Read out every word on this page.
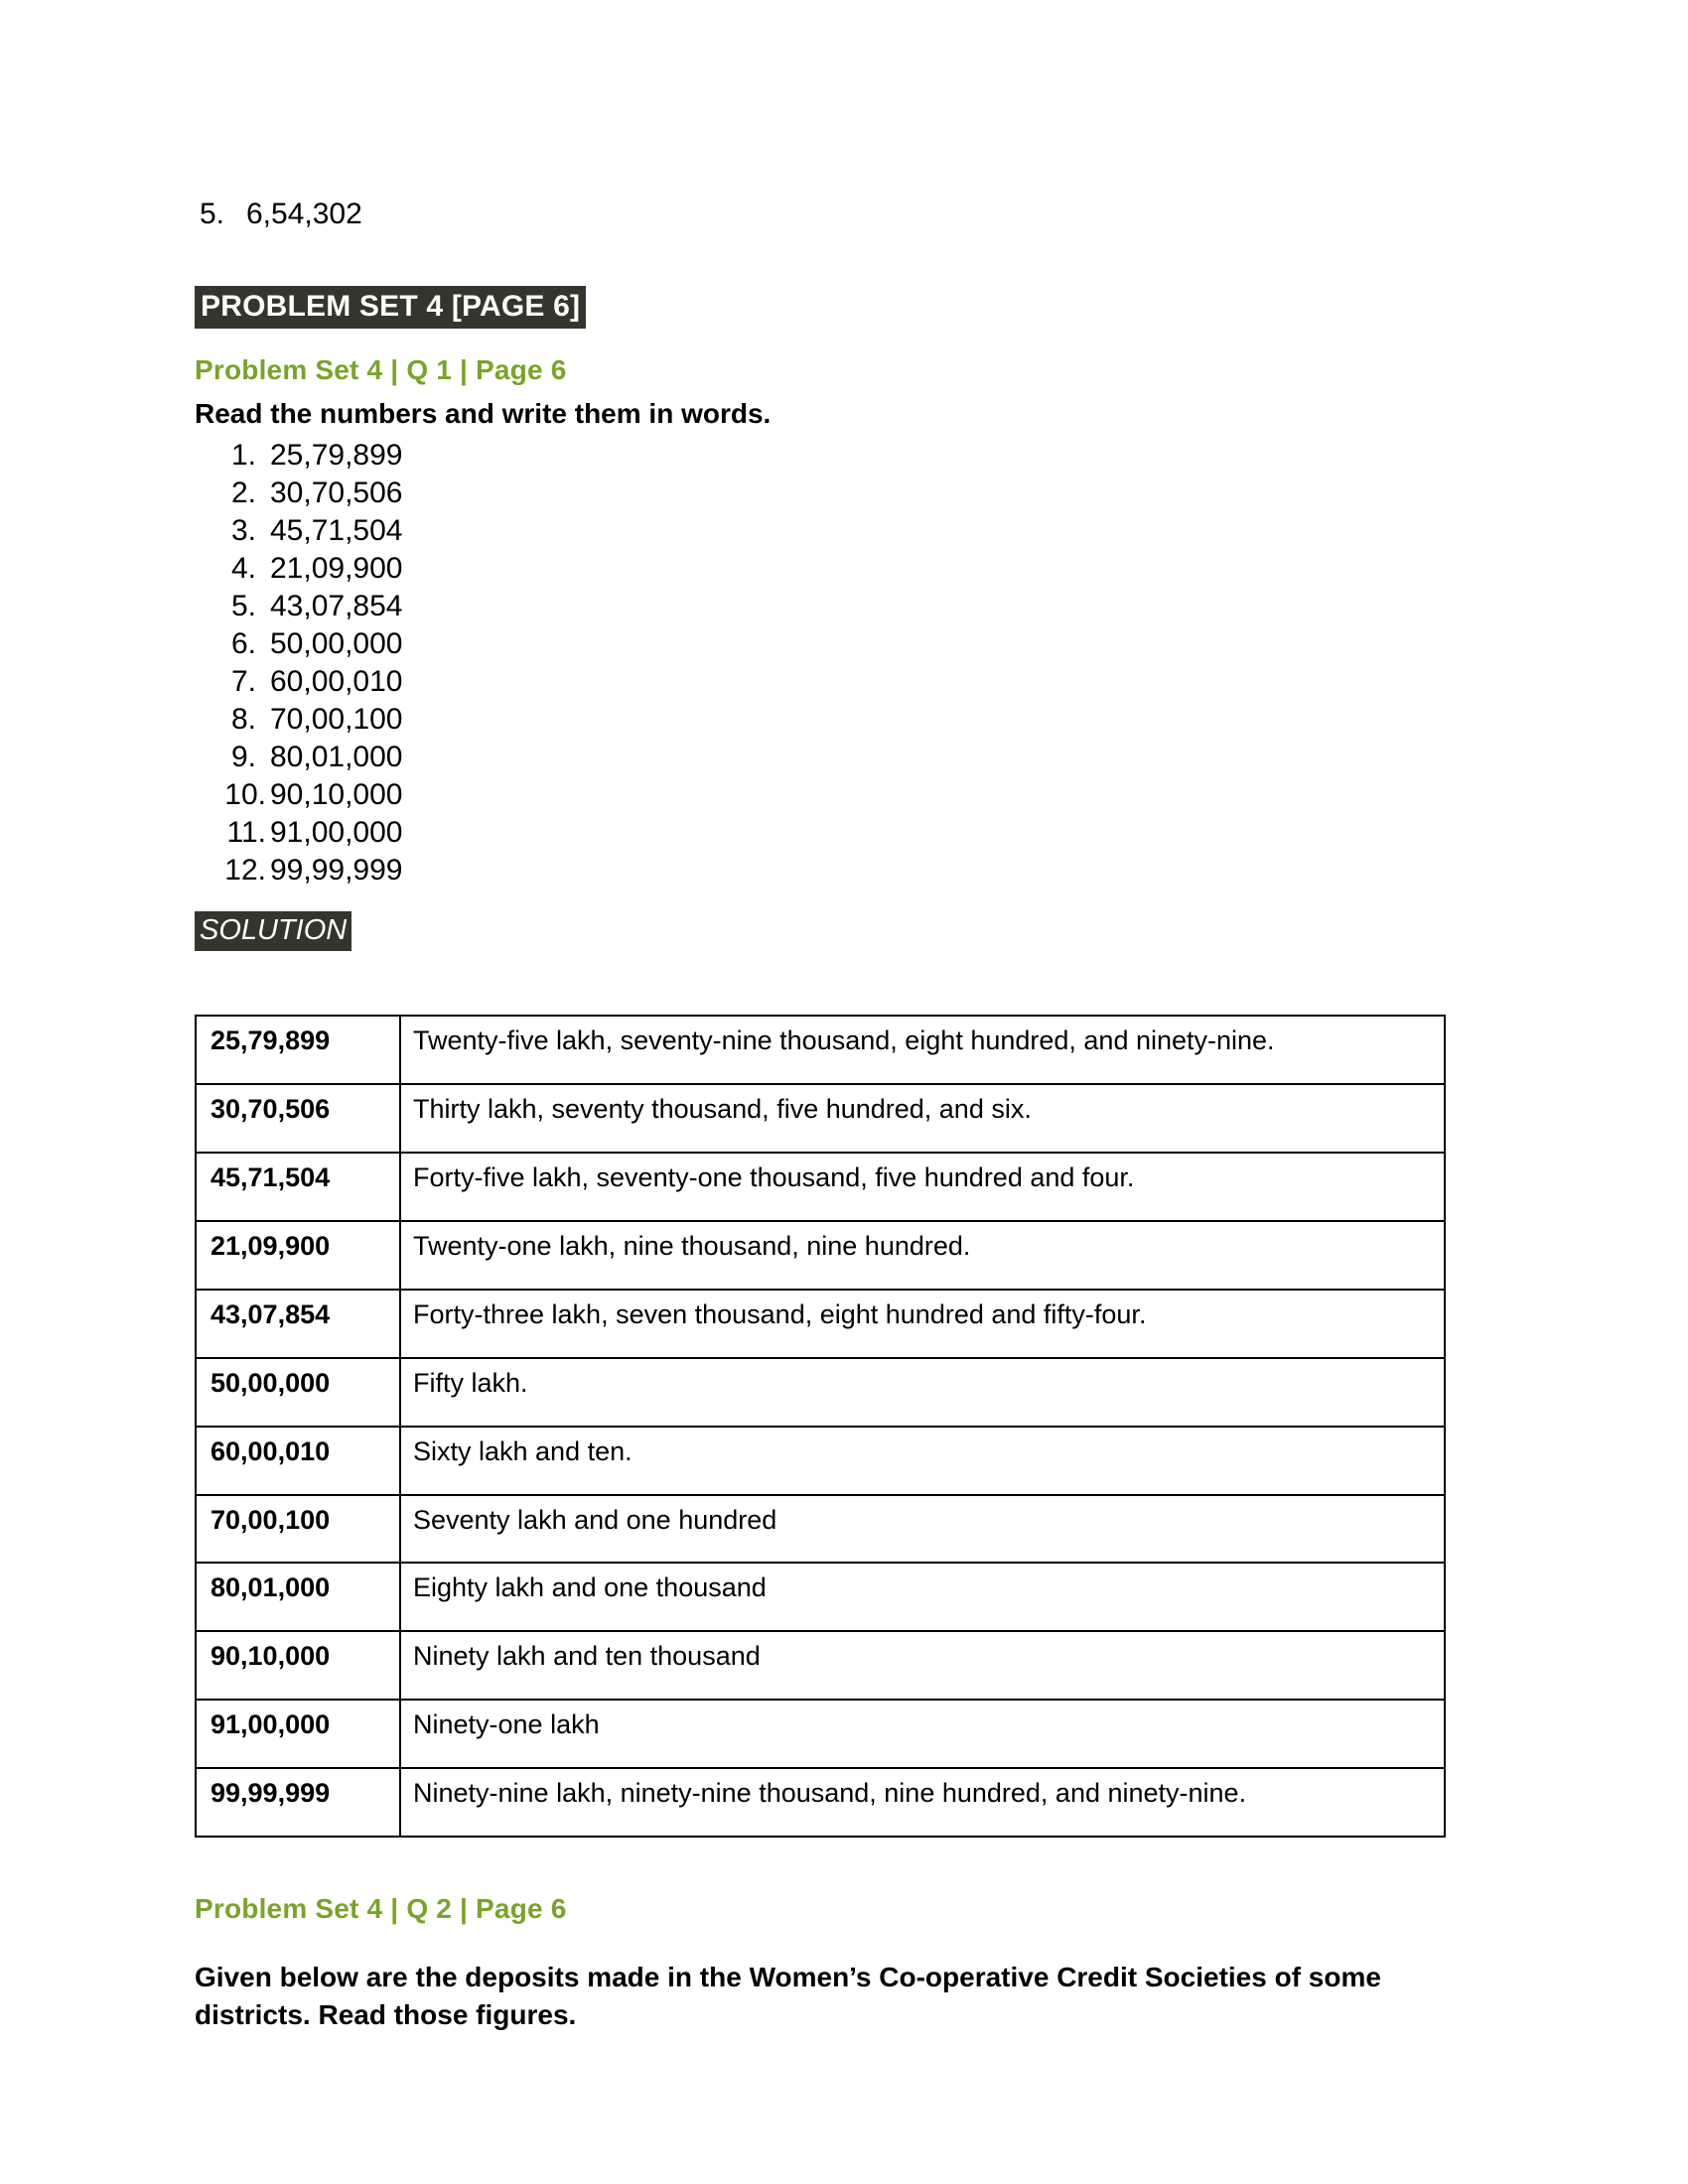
5. 6,54,302
PROBLEM SET 4 [PAGE 6]
Problem Set 4 | Q 1 | Page 6
Read the numbers and write them in words.
1. 25,79,899
2. 30,70,506
3. 45,71,504
4. 21,09,900
5. 43,07,854
6. 50,00,000
7. 60,00,010
8. 70,00,100
9. 80,01,000
10. 90,10,000
11. 91,00,000
12. 99,99,999
SOLUTION
25,79,899	Twenty-five lakh, seventy-nine thousand, eight hundred, and ninety-nine.
30,70,506	Thirty lakh, seventy thousand, five hundred, and six.
45,71,504	Forty-five lakh, seventy-one thousand, five hundred and four.
21,09,900	Twenty-one lakh, nine thousand, nine hundred.
43,07,854	Forty-three lakh, seven thousand, eight hundred and fifty-four.
50,00,000	Fifty lakh.
60,00,010	Sixty lakh and ten.
70,00,100	Seventy lakh and one hundred
80,01,000	Eighty lakh and one thousand
90,10,000	Ninety lakh and ten thousand
91,00,000	Ninety-one lakh
99,99,999	Ninety-nine lakh, ninety-nine thousand, nine hundred, and ninety-nine.
Problem Set 4 | Q 2 | Page 6
Given below are the deposits made in the Women’s Co-operative Credit Societies of some districts. Read those figures.
